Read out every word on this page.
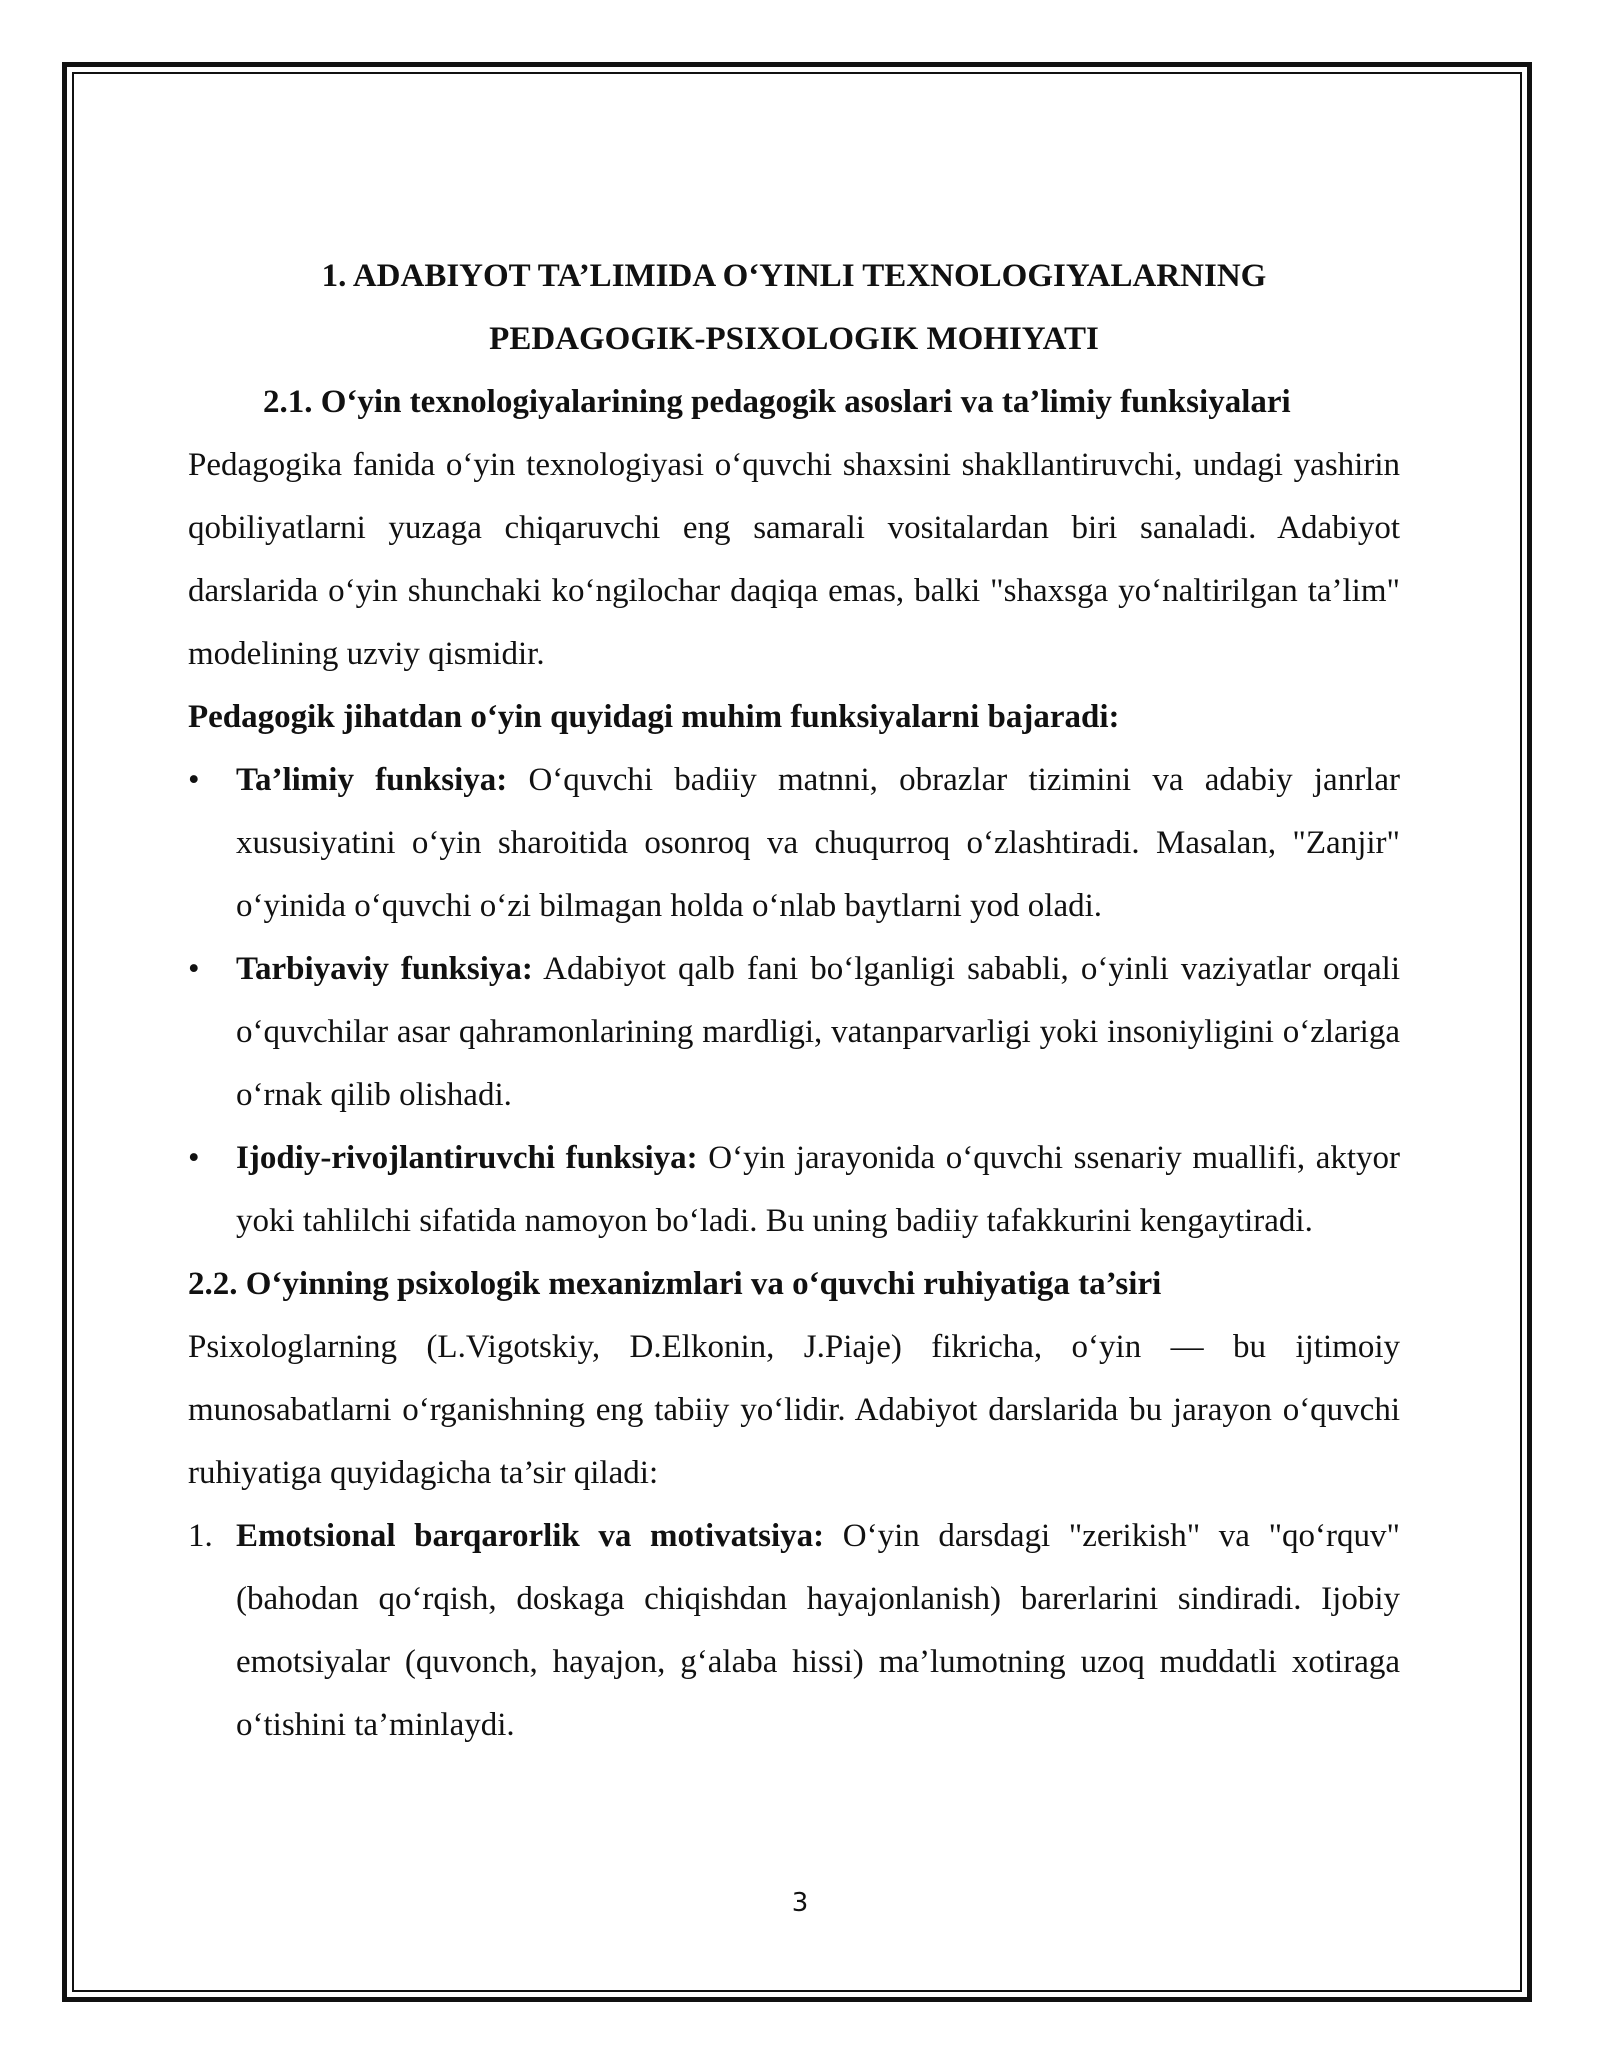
1. ADABIYOT TA’LIMIDA O‘YINLI TEXNOLOGIYALARNING
PEDAGOGIK-PSIXOLOGIK MOHIYATI
2.1. O‘yin texnologiyalarining pedagogik asoslari va ta’limiy funksiyalari

Pedagogika fanida o‘yin texnologiyasi o‘quvchi shaxsini shakllantiruvchi, undagi yashirin qobiliyatlarni yuzaga chiqaruvchi eng samarali vositalardan biri sanaladi. Adabiyot darslarida o‘yin shunchaki ko‘ngilochar daqiqa emas, balki "shaxsga yo‘naltirilgan ta’lim" modelining uzviy qismidir.

Pedagogik jihatdan o‘yin quyidagi muhim funksiyalarni bajaradi:
• Ta’limiy funksiya: O‘quvchi badiiy matnni, obrazlar tizimini va adabiy janrlar xususiyatini o‘yin sharoitida osonroq va chuqurroq o‘zlashtiradi. Masalan, "Zanjir" o‘yinida o‘quvchi o‘zi bilmagan holda o‘nlab baytlarni yod oladi.
• Tarbiyaviy funksiya: Adabiyot qalb fani bo‘lganligi sababli, o‘yinli vaziyatlar orqali o‘quvchilar asar qahramonlarining mardligi, vatanparvarligi yoki insoniyligini o‘zlariga o‘rnak qilib olishadi.
• Ijodiy-rivojlantiruvchi funksiya: O‘yin jarayonida o‘quvchi ssenariy muallifi, aktyor yoki tahlilchi sifatida namoyon bo‘ladi. Bu uning badiiy tafakkurini kengaytiradi.
2.2. O‘yinning psixologik mexanizmlari va o‘quvchi ruhiyatiga ta’siri

Psixologlarning (L.Vigotskiy, D.Elkonin, J.Piaje) fikricha, o‘yin — bu ijtimoiy munosabatlarni o‘rganishning eng tabiiy yo‘lidir. Adabiyot darslarida bu jarayon o‘quvchi ruhiyatiga quyidagicha ta’sir qiladi:

1. Emotsional barqarorlik va motivatsiya: O‘yin darsdagi "zerikish" va "qo‘rquv" (bahodan qo‘rqish, doskaga chiqishdan hayajonlanish) barerlarini sindiradi. Ijobiy emotsiyalar (quvonch, hayajon, g‘alaba hissi) ma’lumotning uzoq muddatli xotiraga o‘tishini ta’minlaydi.
3
